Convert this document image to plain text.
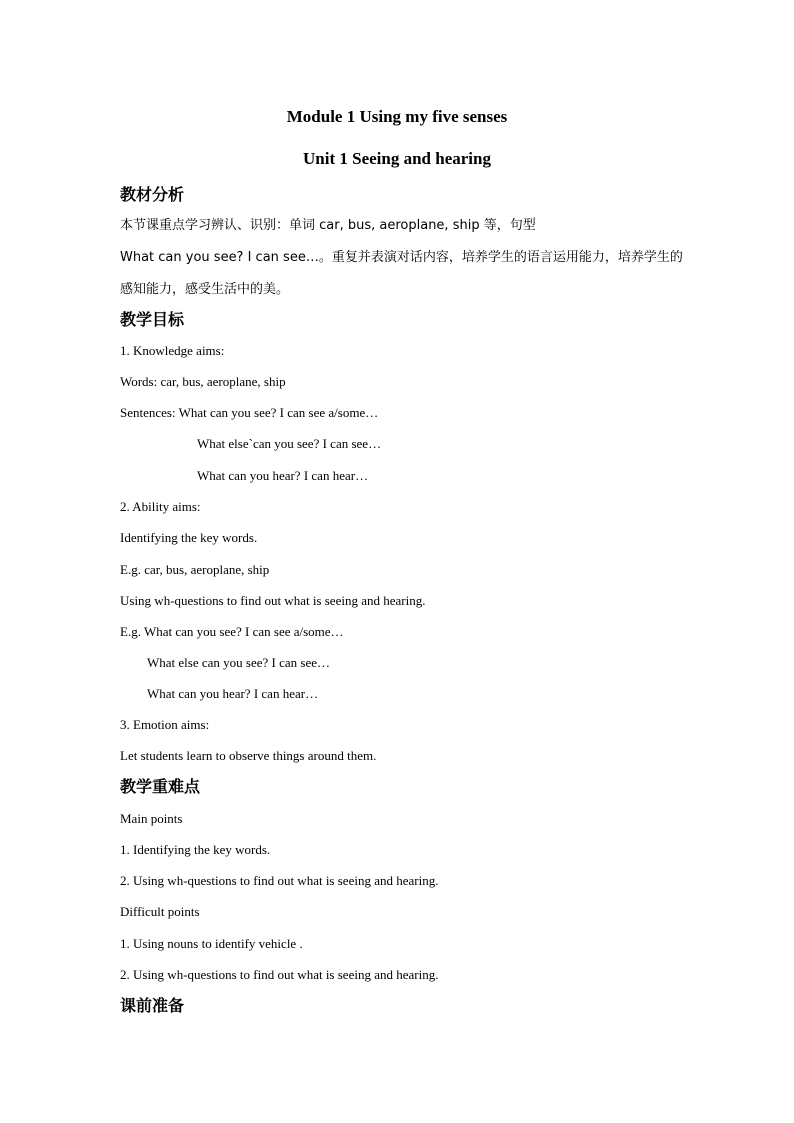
Module 1 Using my five senses
Unit 1 Seeing and hearing
教材分析
本节课重点学习辨认、识别：单词 car, bus, aeroplane, ship 等，句型
What can you see? I can see…。重复并表演对话内容，培养学生的语言运用能力，培养学生的
感知能力，感受生活中的美。
教学目标
1. Knowledge aims:
Words: car, bus, aeroplane, ship
Sentences: What can you see? I can see a/some…
What else`can you see? I can see…
What can you hear? I can hear…
2. Ability aims:
Identifying the key words.
E.g. car, bus, aeroplane, ship
Using wh-questions to find out what is seeing and hearing.
E.g. What can you see? I can see a/some…
What else can you see? I can see…
What can you hear? I can hear…
3. Emotion aims:
Let students learn to observe things around them.
教学重难点
Main points
1. Identifying the key words.
2. Using wh-questions to find out what is seeing and hearing.
Difficult points
1. Using nouns to identify vehicle .
2. Using wh-questions to find out what is seeing and hearing.
课前准备
